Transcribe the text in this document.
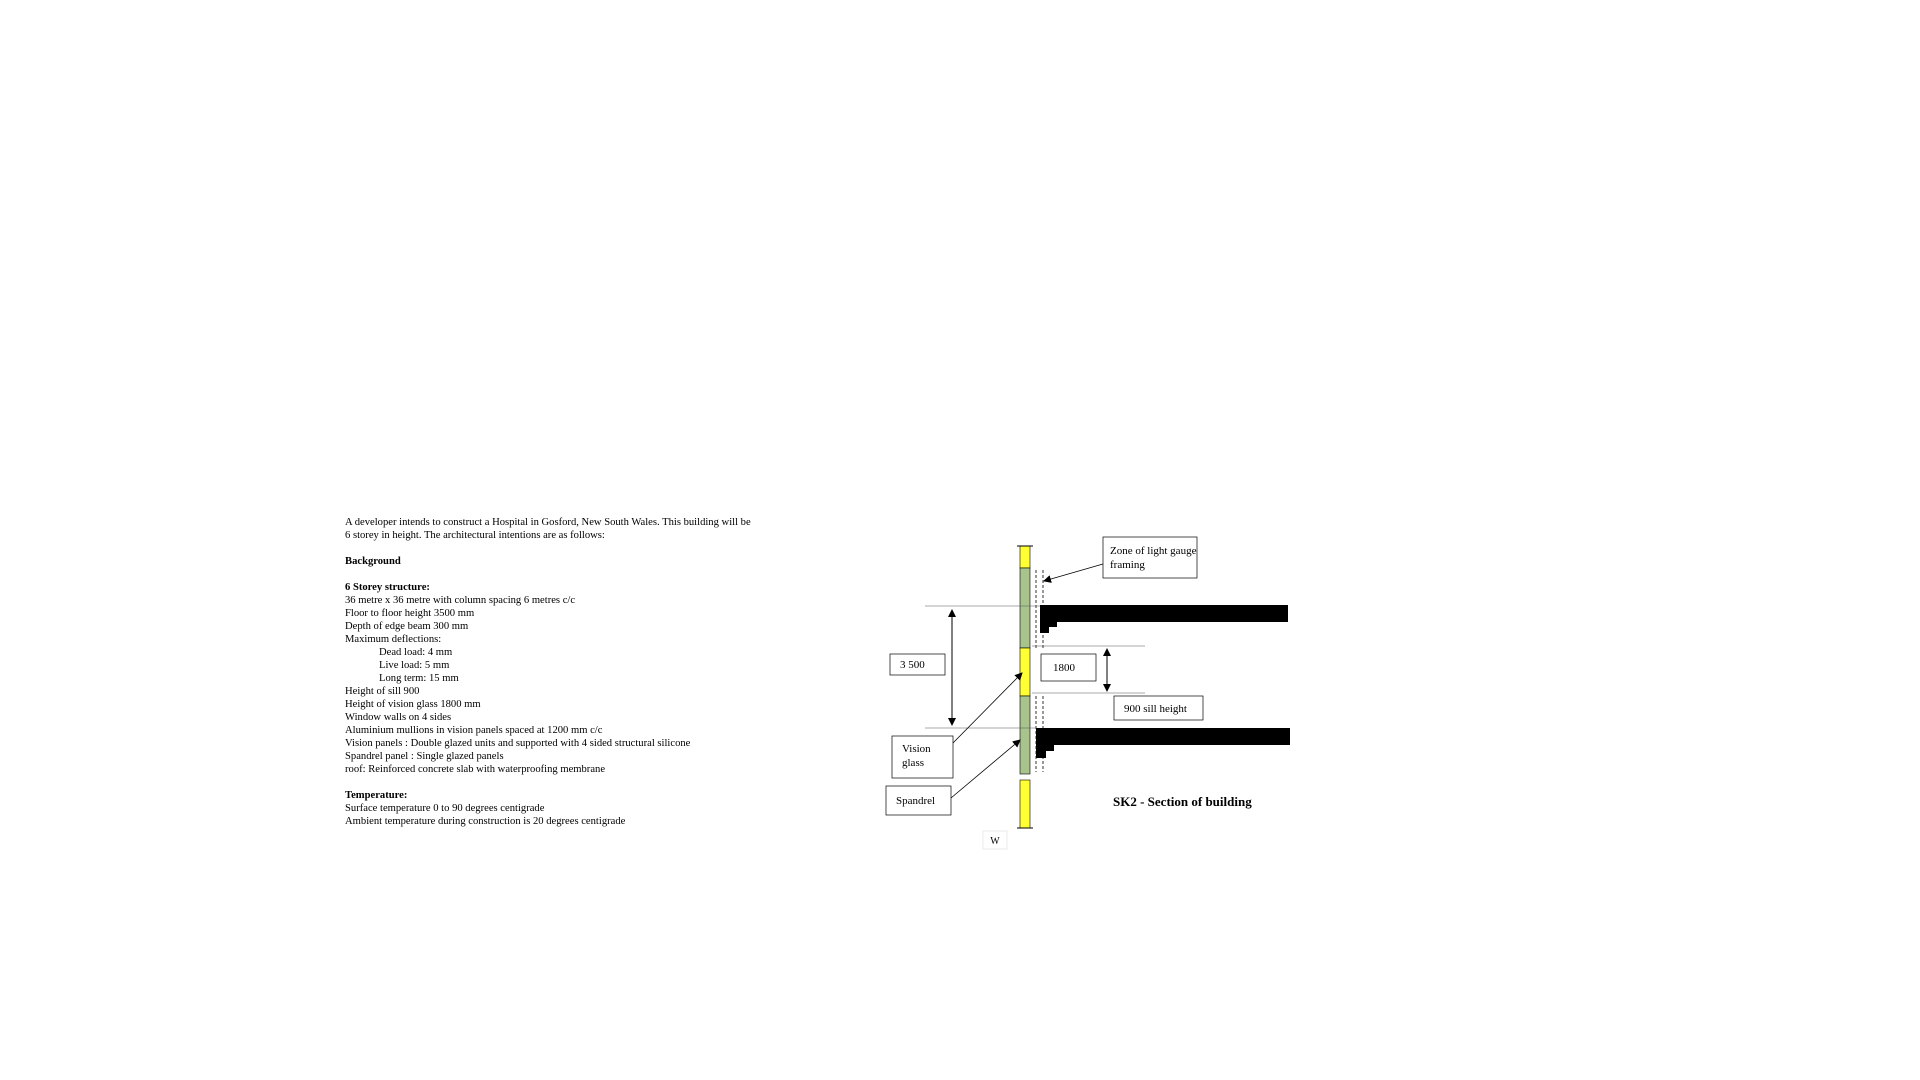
A developer intends to construct a Hospital in Gosford, New South Wales. This building will be
6 storey in height. The architectural intentions are as follows:
Background
6 Storey structure:
36 metre x 36 metre with column spacing 6 metres c/c
Floor to floor height 3500 mm
Depth of edge beam 300 mm
Maximum deflections:
Dead load: 4 mm
Live load: 5 mm
Long term: 15 mm
Height of sill 900
Height of vision glass 1800 mm
Window walls on 4 sides
Aluminium mullions in vision panels spaced at 1200 mm c/c
Vision panels : Double glazed units and supported with 4 sided structural silicone
Spandrel panel : Single glazed panels
roof: Reinforced concrete slab with waterproofing membrane
Temperature:
Surface temperature 0 to 90 degrees centigrade
Ambient temperature during construction is 20 degrees centigrade
Zone of light gauge
framing
3 500	1800
900 sill height
Vision
glass
Spandrel
W
SK2 - Section of building
